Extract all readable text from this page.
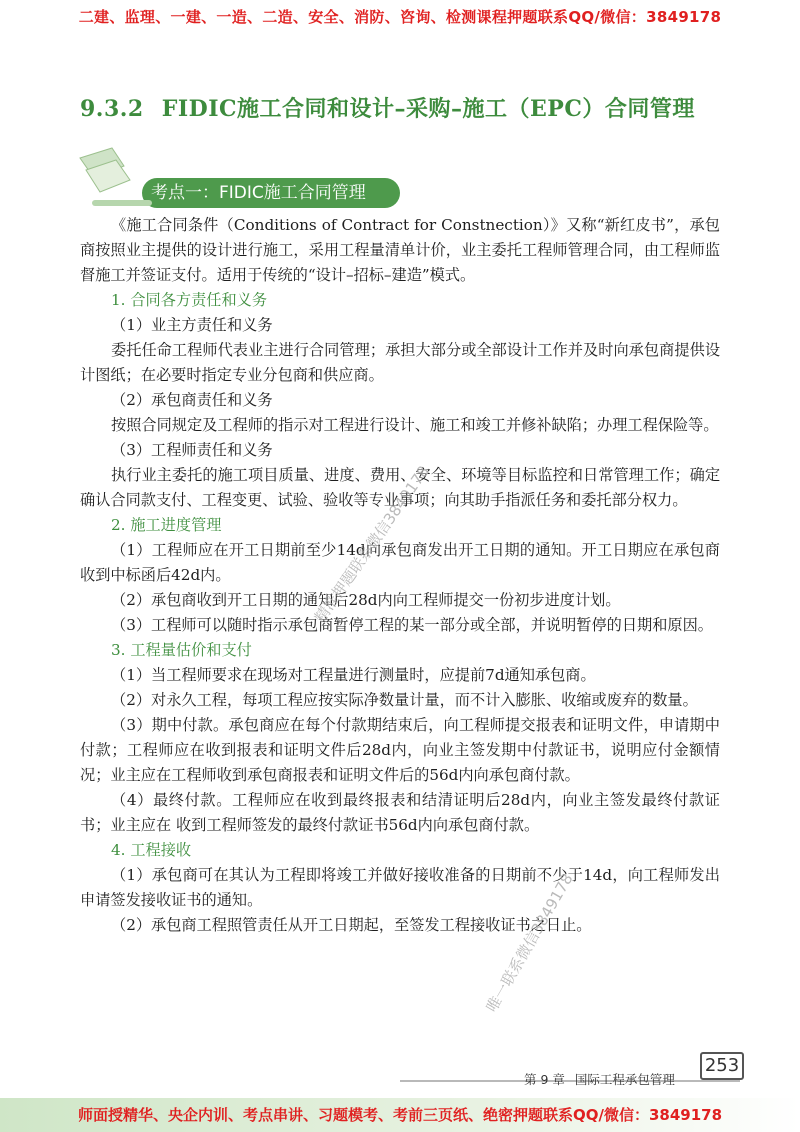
二建、监理、一建、一造、二造、安全、消防、咨询、检测课程押题联系QQ/微信：3849178
9.3.2 FIDIC施工合同和设计–采购–施工（EPC）合同管理
考点一：FIDIC施工合同管理

《施工合同条件（Conditions of Contract for Constnection）》又称“新红皮书”，承包商按照业主提供的设计进行施工，采用工程量清单计价，业主委托工程师管理合同，由工程师监督施工并签证支付。适用于传统的“设计–招标–建造”模式。

1. 合同各方责任和义务

（1）业主方责任和义务

委托任命工程师代表业主进行合同管理；承担大部分或全部设计工作并及时向承包商提供设计图纸；在必要时指定专业分包商和供应商。

（2）承包商责任和义务

按照合同规定及工程师的指示对工程进行设计、施工和竣工并修补缺陷；办理工程保险等。

（3）工程师责任和义务

执行业主委托的施工项目质量、进度、费用、安全、环境等目标监控和日常管理工作；确定确认合同款支付、工程变更、试验、验收等专业事项；向其助手指派任务和委托部分权力。

2. 施工进度管理

（1）工程师应在开工日期前至少14d向承包商发出开工日期的通知。开工日期应在承包商收到中标函后42d内。

（2）承包商收到开工日期的通知后28d内向工程师提交一份初步进度计划。

（3）工程师可以随时指示承包商暂停工程的某一部分或全部，并说明暂停的日期和原因。

3. 工程量估价和支付

（1）当工程师要求在现场对工程量进行测量时，应提前7d通知承包商。

（2）对永久工程，每项工程应按实际净数量计量，而不计入膨胀、收缩或废弃的数量。

（3）期中付款。承包商应在每个付款期结束后，向工程师提交报表和证明文件，申请期中付款；工程师应在收到报表和证明文件后28d内，向业主签发期中付款证书，说明应付金额情况；业主应在工程师收到承包商报表和证明文件后的56d内向承包商付款。

（4）最终付款。工程师应在收到最终报表和结清证明后28d内，向业主签发最终付款证书；业主应在 收到工程师签发的最终付款证书56d内向承包商付款。

4. 工程接收

（1）承包商可在其认为工程即将竣工并做好接收准备的日期前不少于14d，向工程师发出申请签发接收证书的通知。

（2）承包商工程照管责任从开工日期起，至签发工程接收证书之日止。

精准押题联系微信3849178
唯一联系微信3849178
第 9 章 国际工程承包管理
253
师面授精华、央企内训、考点串讲、习题模考、考前三页纸、绝密押题联系QQ/微信：3849178
